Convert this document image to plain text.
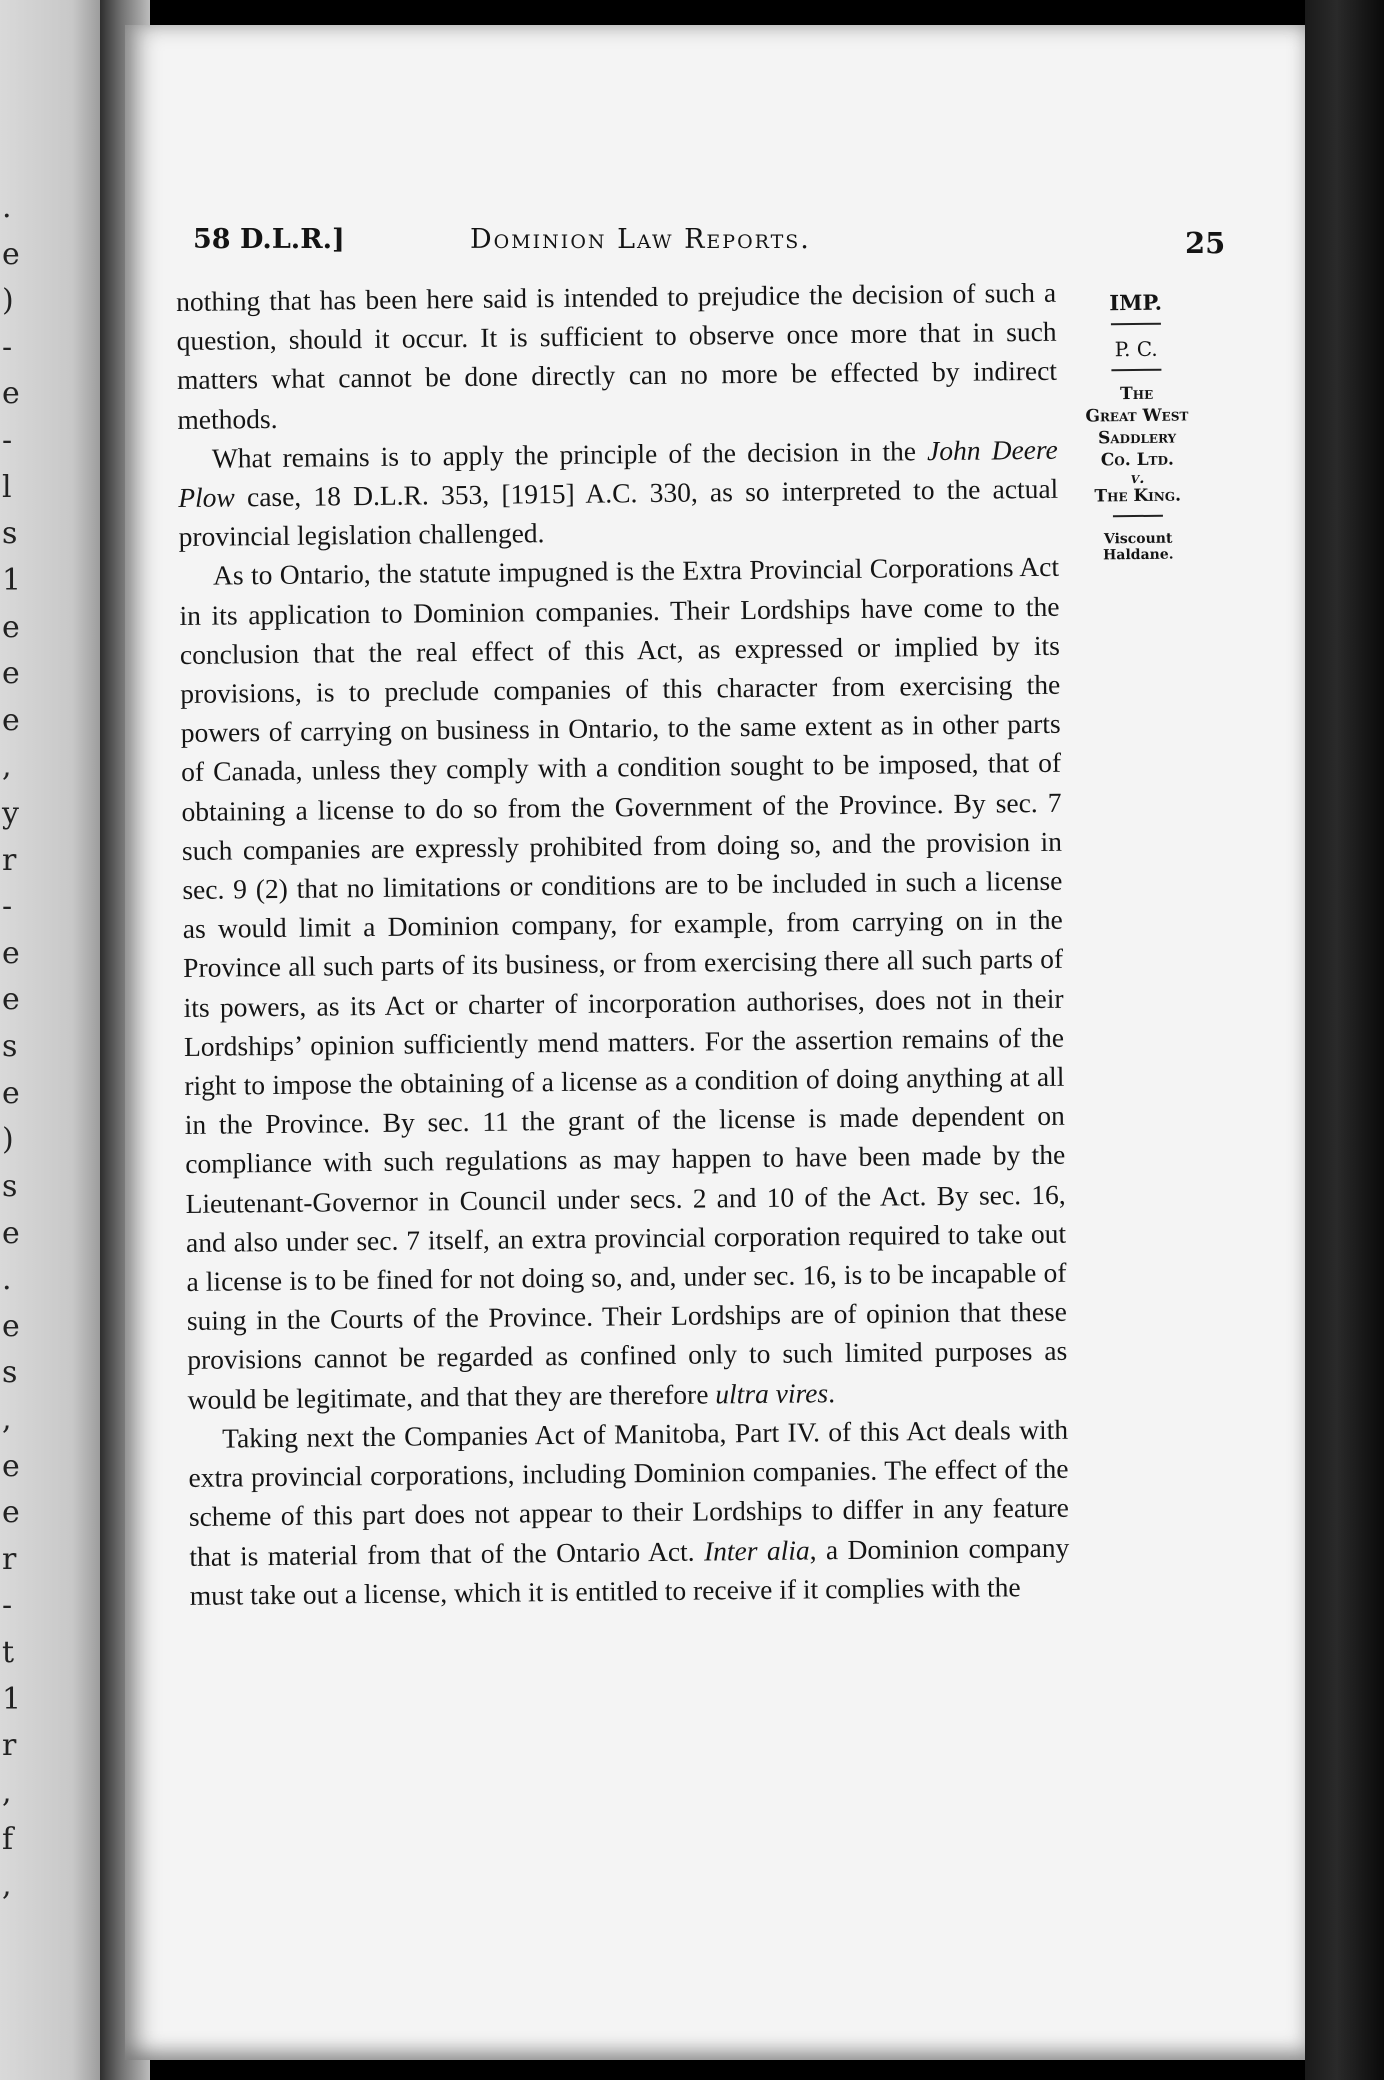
.
e
)
-
e
-
l
s
1
e
e
e
,
y
r
-
e
e
s
e
)
s
e
.
e
s
,
e
e
r
-
t
1
r
,
f
,
58 D.L.R.]	Dominion Law Reports.	25

nothing that has been here said is intended to prejudice the decision of such a question, should it occur. It is sufficient to observe once more that in such matters what cannot be done directly can no more be effected by indirect methods.

What remains is to apply the principle of the decision in the John Deere Plow case, 18 D.L.R. 353, [1915] A.C. 330, as so interpreted to the actual provincial legislation challenged.

As to Ontario, the statute impugned is the Extra Provincial Corporations Act in its application to Dominion companies. Their Lordships have come to the conclusion that the real effect of this Act, as expressed or implied by its provisions, is to preclude companies of this character from exercising the powers of carrying on business in Ontario, to the same extent as in other parts of Canada, unless they comply with a condition sought to be imposed, that of obtaining a license to do so from the Government of the Province. By sec. 7 such companies are expressly prohibited from doing so, and the provision in sec. 9 (2) that no limitations or conditions are to be included in such a license as would limit a Dominion company, for example, from carrying on in the Province all such parts of its business, or from exercising there all such parts of its powers, as its Act or charter of incorporation authorises, does not in their Lordships’ opinion sufficiently mend matters. For the assertion remains of the right to impose the obtaining of a license as a condition of doing anything at all in the Province. By sec. 11 the grant of the license is made dependent on compliance with such regulations as may happen to have been made by the Lieutenant-Governor in Council under secs. 2 and 10 of the Act. By sec. 16, and also under sec. 7 itself, an extra provincial corporation required to take out a license is to be fined for not doing so, and, under sec. 16, is to be incapable of suing in the Courts of the Province. Their Lordships are of opinion that these provisions cannot be regarded as confined only to such limited purposes as would be legitimate, and that they are therefore ultra vires.

Taking next the Companies Act of Manitoba, Part IV. of this Act deals with extra provincial corporations, including Dominion companies. The effect of the scheme of this part does not appear to their Lordships to differ in any feature that is material from that of the Ontario Act. Inter alia, a Dominion company must take out a license, which it is entitled to receive if it complies with the

IMP.
P. C.
The
Great West
Saddlery
Co. Ltd.
v.
The King.
Viscount
Haldane.
